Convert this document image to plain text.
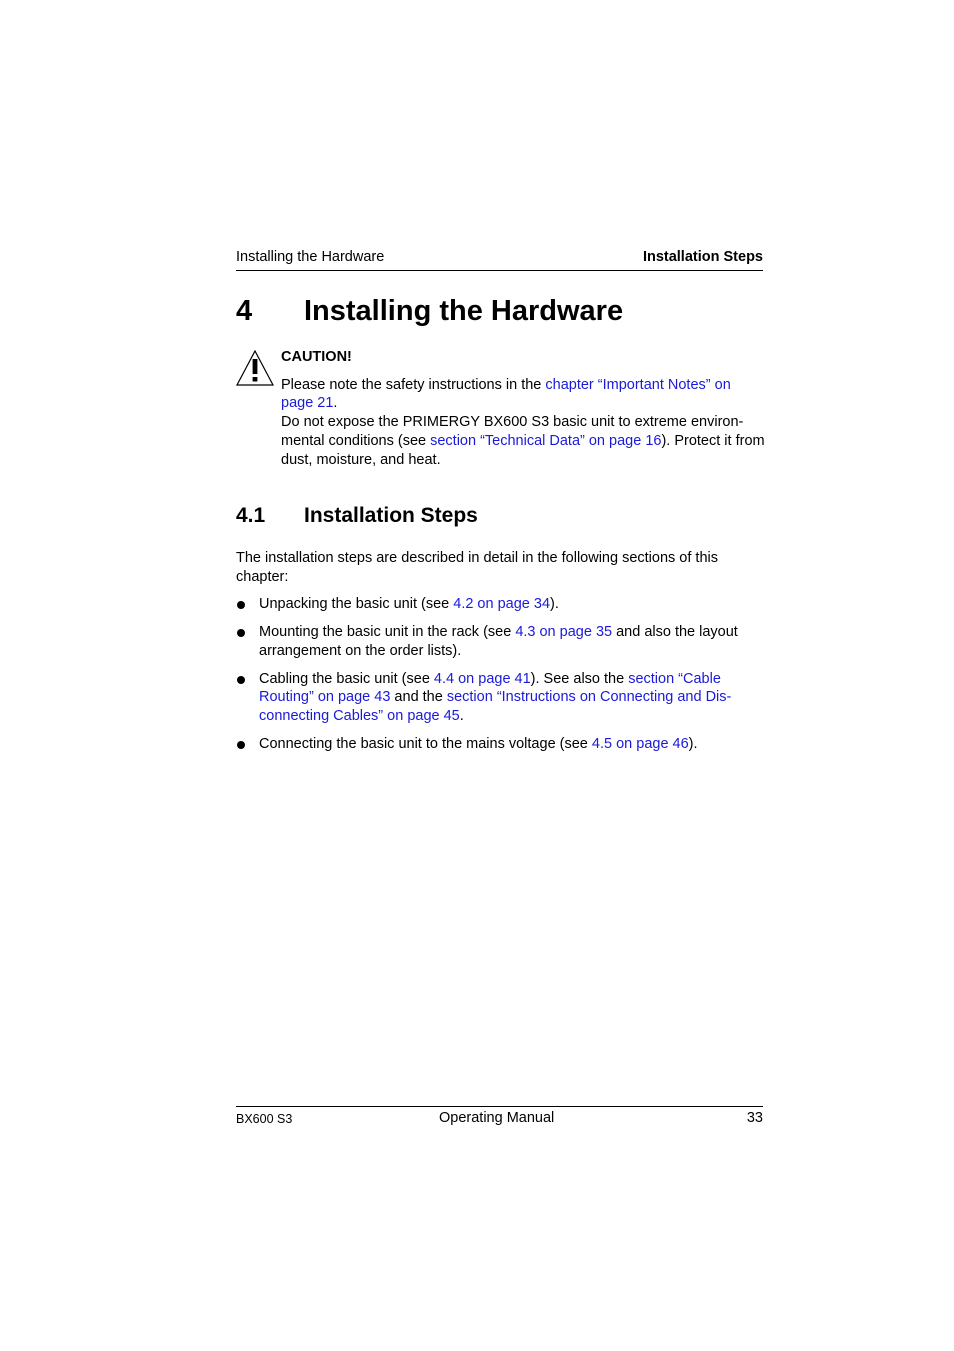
Installing the Hardware	Installation Steps
4 Installing the Hardware
CAUTION!

Please note the safety instructions in the chapter “Important Notes” on page 21.

Do not expose the PRIMERGY BX600 S3 basic unit to extreme environ-mental conditions (see section “Technical Data” on page 16). Protect it from dust, moisture, and heat.

4.1 Installation Steps

The installation steps are described in detail in the following sections of this chapter:

Unpacking the basic unit (see 4.2 on page 34).
Mounting the basic unit in the rack (see 4.3 on page 35 and also the layout arrangement on the order lists).
Cabling the basic unit (see 4.4 on page 41). See also the section “Cable Routing” on page 43 and the section “Instructions on Connecting and Dis-connecting Cables” on page 45.
Connecting the basic unit to the mains voltage (see 4.5 on page 46).
BX600 S3	Operating Manual	33
